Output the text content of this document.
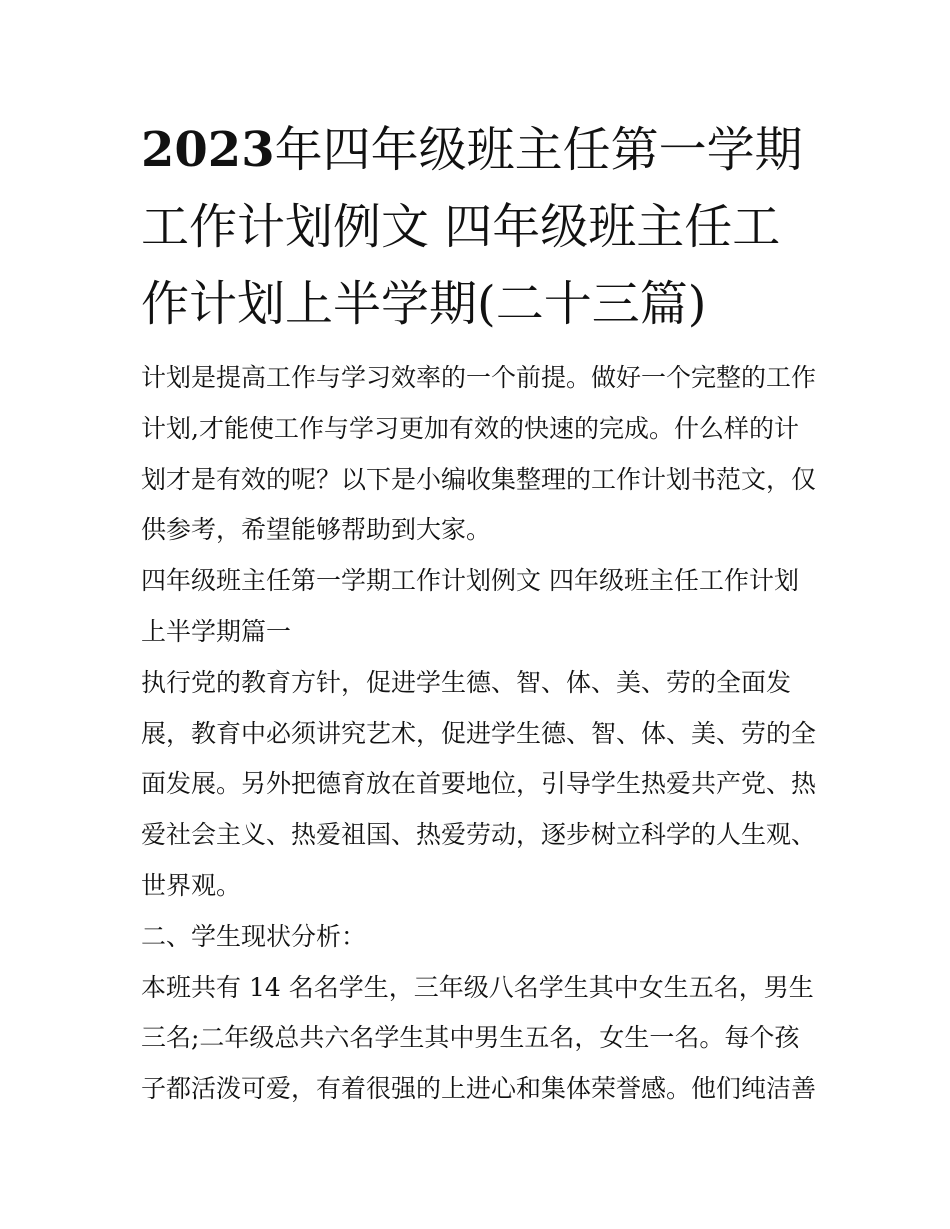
2023年四年级班主任第一学期
工作计划例文 四年级班主任工
作计划上半学期(二十三篇)

计划是提高工作与学习效率的一个前提。做好一个完整的工作
计划,才能使工作与学习更加有效的快速的完成。什么样的计
划才是有效的呢？以下是小编收集整理的工作计划书范文，仅
供参考，希望能够帮助到大家。

四年级班主任第一学期工作计划例文 四年级班主任工作计划
上半学期篇一

执行党的教育方针，促进学生德、智、体、美、劳的全面发
展，教育中必须讲究艺术，促进学生德、智、体、美、劳的全
面发展。另外把德育放在首要地位，引导学生热爱共产党、热
爱社会主义、热爱祖国、热爱劳动，逐步树立科学的人生观、
世界观。

二、学生现状分析：

本班共有 14 名名学生，三年级八名学生其中女生五名，男生
三名;二年级总共六名学生其中男生五名，女生一名。每个孩
子都活泼可爱，有着很强的上进心和集体荣誉感。他们纯洁善
